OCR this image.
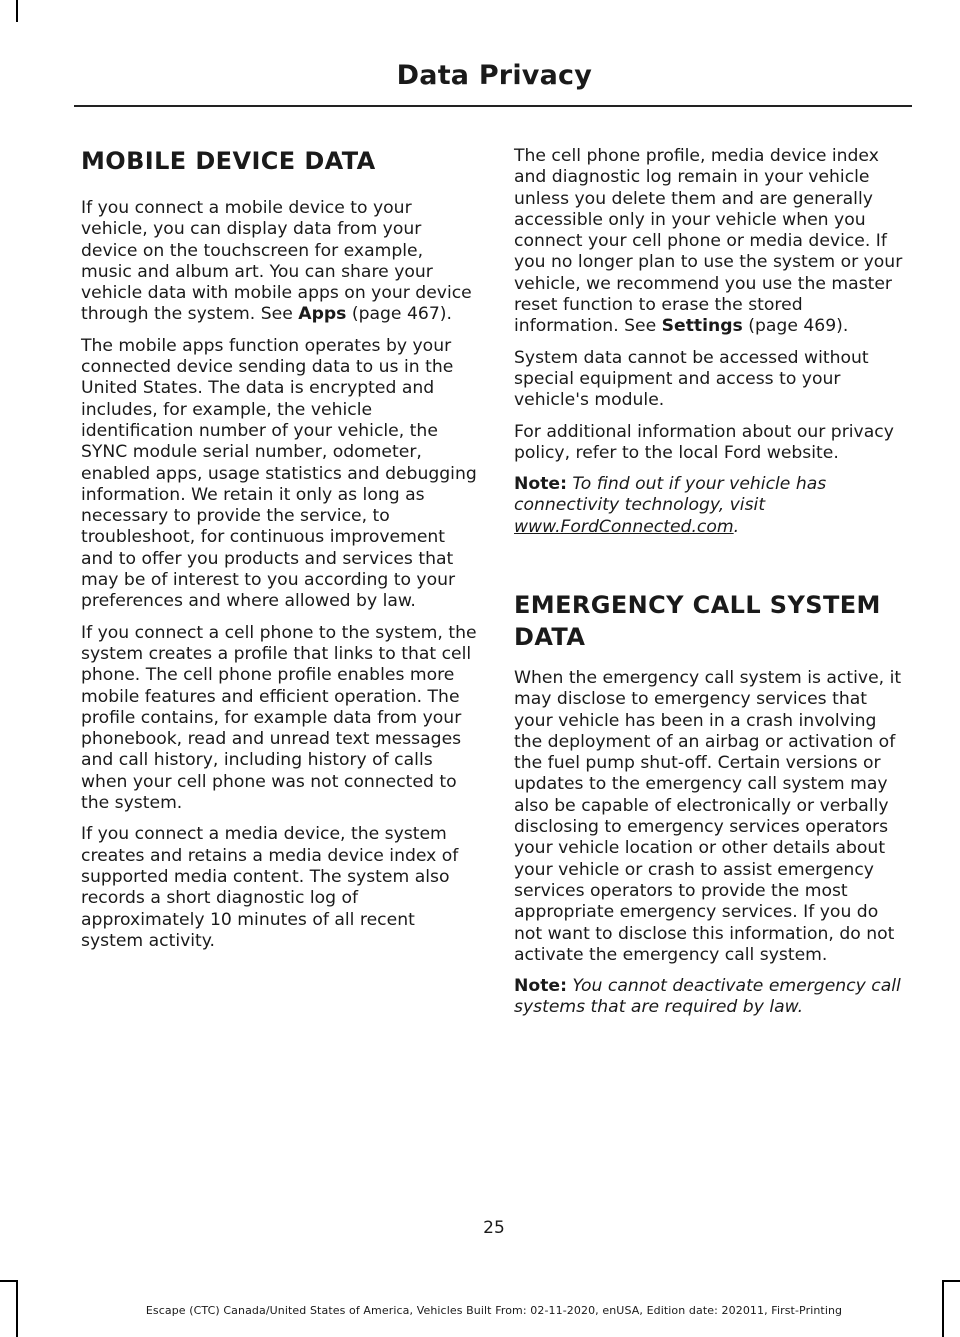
Data Privacy
MOBILE DEVICE DATA

If you connect a mobile device to your vehicle, you can display data from your device on the touchscreen for example, music and album art. You can share your vehicle data with mobile apps on your device through the system. See Apps (page 467).

The mobile apps function operates by your connected device sending data to us in the United States. The data is encrypted and includes, for example, the vehicle identification number of your vehicle, the SYNC module serial number, odometer, enabled apps, usage statistics and debugging information. We retain it only as long as necessary to provide the service, to troubleshoot, for continuous improvement and to offer you products and services that may be of interest to you according to your preferences and where allowed by law.

If you connect a cell phone to the system, the system creates a profile that links to that cell phone. The cell phone profile enables more mobile features and efficient operation. The profile contains, for example data from your phonebook, read and unread text messages and call history, including history of calls when your cell phone was not connected to the system.

If you connect a media device, the system creates and retains a media device index of supported media content. The system also records a short diagnostic log of approximately 10 minutes of all recent system activity.

The cell phone profile, media device index and diagnostic log remain in your vehicle unless you delete them and are generally accessible only in your vehicle when you connect your cell phone or media device. If you no longer plan to use the system or your vehicle, we recommend you use the master reset function to erase the stored information. See Settings (page 469).

System data cannot be accessed without special equipment and access to your vehicle's module.

For additional information about our privacy policy, refer to the local Ford website.

Note: To find out if your vehicle has connectivity technology, visit www.FordConnected.com.

EMERGENCY CALL SYSTEM
DATA

When the emergency call system is active, it may disclose to emergency services that your vehicle has been in a crash involving the deployment of an airbag or activation of the fuel pump shut-off. Certain versions or updates to the emergency call system may also be capable of electronically or verbally disclosing to emergency services operators your vehicle location or other details about your vehicle or crash to assist emergency services operators to provide the most appropriate emergency services. If you do not want to disclose this information, do not activate the emergency call system.

Note: You cannot deactivate emergency call systems that are required by law.

25
Escape (CTC) Canada/United States of America, Vehicles Built From: 02-11-2020, enUSA, Edition date: 202011, First-Printing
